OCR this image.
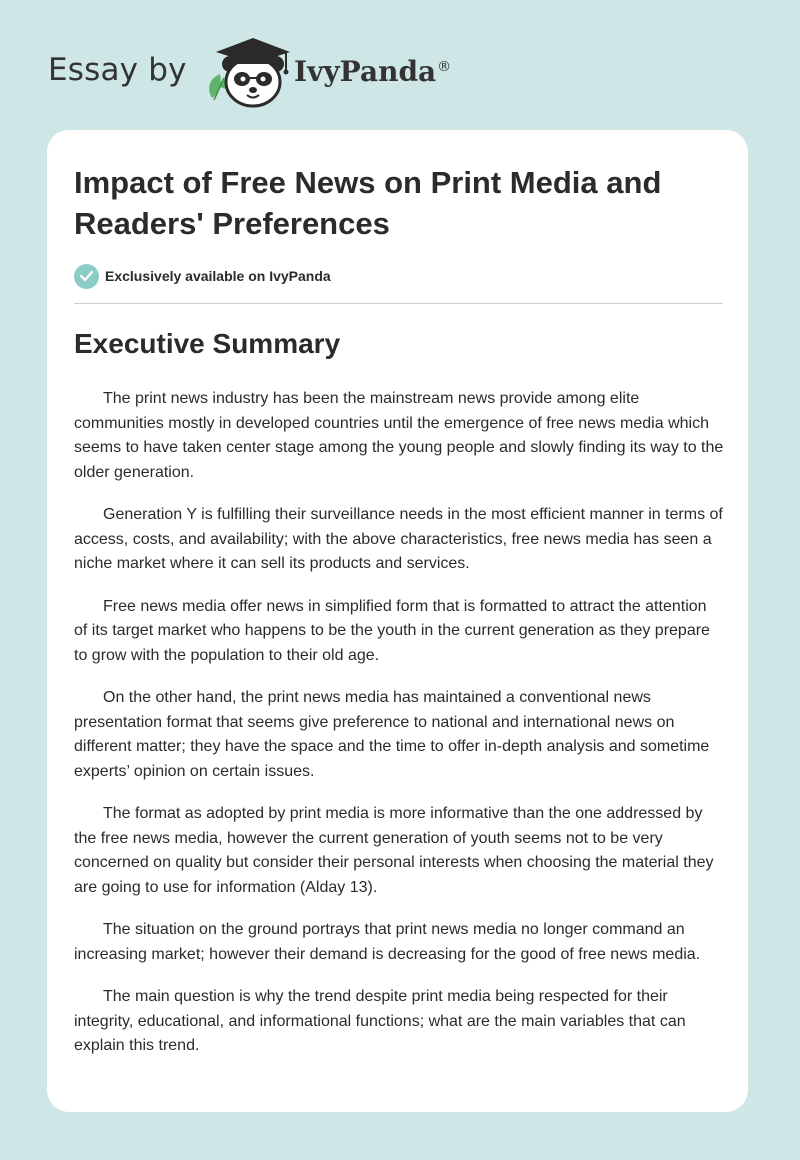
Essay by	IvyPanda®
Impact of Free News on Print Media and Readers' Preferences
Exclusively available on IvyPanda
Executive Summary

The print news industry has been the mainstream news provide among elite communities mostly in developed countries until the emergence of free news media which seems to have taken center stage among the young people and slowly finding its way to the older generation.

Generation Y is fulfilling their surveillance needs in the most efficient manner in terms of access, costs, and availability; with the above characteristics, free news media has seen a niche market where it can sell its products and services.

Free news media offer news in simplified form that is formatted to attract the attention of its target market who happens to be the youth in the current generation as they prepare to grow with the population to their old age.

On the other hand, the print news media has maintained a conventional news presentation format that seems give preference to national and international news on different matter; they have the space and the time to offer in-depth analysis and sometime experts’ opinion on certain issues.

The format as adopted by print media is more informative than the one addressed by the free news media, however the current generation of youth seems not to be very concerned on quality but consider their personal interests when choosing the material they are going to use for information (Alday 13).

The situation on the ground portrays that print news media no longer command an increasing market; however their demand is decreasing for the good of free news media.

The main question is why the trend despite print media being respected for their integrity, educational, and informational functions; what are the main variables that can explain this trend.
